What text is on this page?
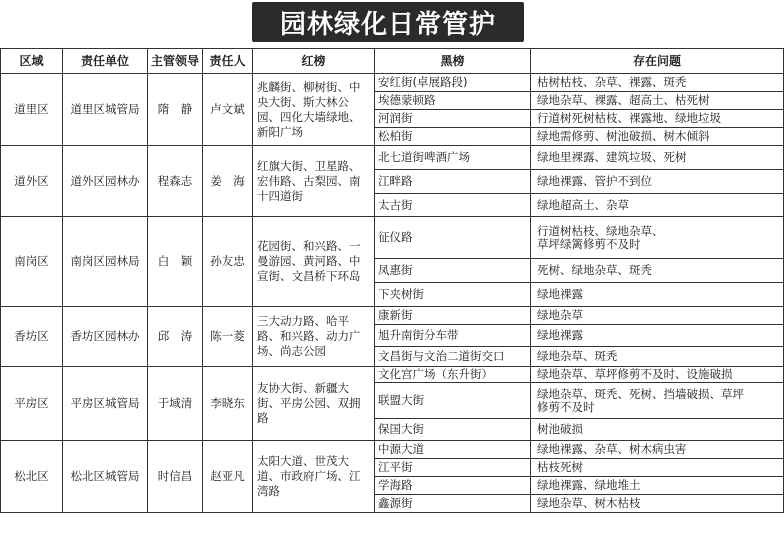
园林绿化日常管护
区域	责任单位	主管领导	责任人	红榜	黑榜	存在问题
道里区	道里区城管局	隋　静	卢文斌	兆麟街、柳树街、中央大街、斯大林公园、四化大墙绿地、新阳广场	安红街(卓展路段)	枯树枯枝、杂草、裸露、斑秃
					埃德蒙顿路	绿地杂草、裸露、超高土、枯死树
					河润街	行道树死树枯枝、裸露地、绿地垃圾
					松柏街	绿地需修剪、树池破损、树木倾斜
道外区	道外区园林办	程森志	姜　海	红旗大街、卫星路、宏伟路、古梨园、南十四道街	北七道街啤酒广场	绿地里裸露、建筑垃圾、死树
					江畔路	绿地裸露、管护不到位
					太古街	绿地超高土、杂草
南岗区	南岗区园林局	白　颖	孙友忠	花园街、和兴路、一曼游园、黄河路、中宣街、文昌桥下环岛	征仪路	行道树枯枝、绿地杂草、
草坪绿篱修剪不及时
					凤惠街	死树、绿地杂草、斑秃
					下夹树街	绿地裸露
香坊区	香坊区园林办	邱　涛	陈一菱	三大动力路、哈平路、和兴路、动力广场、尚志公园	康新街	绿地杂草
					旭升南街分车带	绿地裸露
					文昌街与文治二道街交口	绿地杂草、斑秃
平房区	平房区城管局	于域清	李晓东	友协大街、新疆大街、平房公园、双拥路	文化宫广场（东升街）	绿地杂草、草坪修剪不及时、设施破损
					联盟大街	绿地杂草、斑秃、死树、挡墙破损、草坪
修剪不及时
					保国大街	树池破损
松北区	松北区城管局	时信昌	赵亚凡	太阳大道、世茂大道、市政府广场、江湾路	中源大道	绿地裸露、杂草、树木病虫害
					江平街	枯枝死树
					学海路	绿地裸露、绿地堆土
					鑫源街	绿地杂草、树木枯枝
